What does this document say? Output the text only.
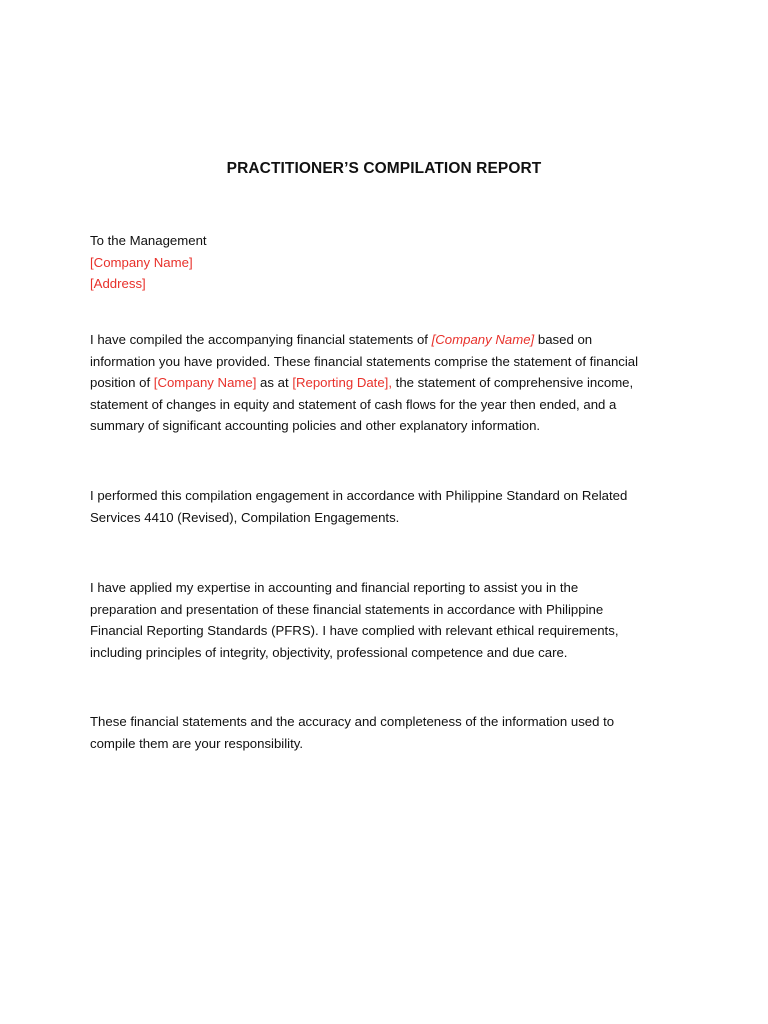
PRACTITIONER’S COMPILATION REPORT
To the Management
[Company Name]
[Address]
I have compiled the accompanying financial statements of [Company Name] based on
information you have provided. These financial statements comprise the statement of financial
position of [Company Name] as at [Reporting Date], the statement of comprehensive income,
statement of changes in equity and statement of cash flows for the year then ended, and a
summary of significant accounting policies and other explanatory information.
I performed this compilation engagement in accordance with Philippine Standard on Related
Services 4410 (Revised), Compilation Engagements.
I have applied my expertise in accounting and financial reporting to assist you in the
preparation and presentation of these financial statements in accordance with Philippine
Financial Reporting Standards (PFRS). I have complied with relevant ethical requirements,
including principles of integrity, objectivity, professional competence and due care.
These financial statements and the accuracy and completeness of the information used to
compile them are your responsibility.
